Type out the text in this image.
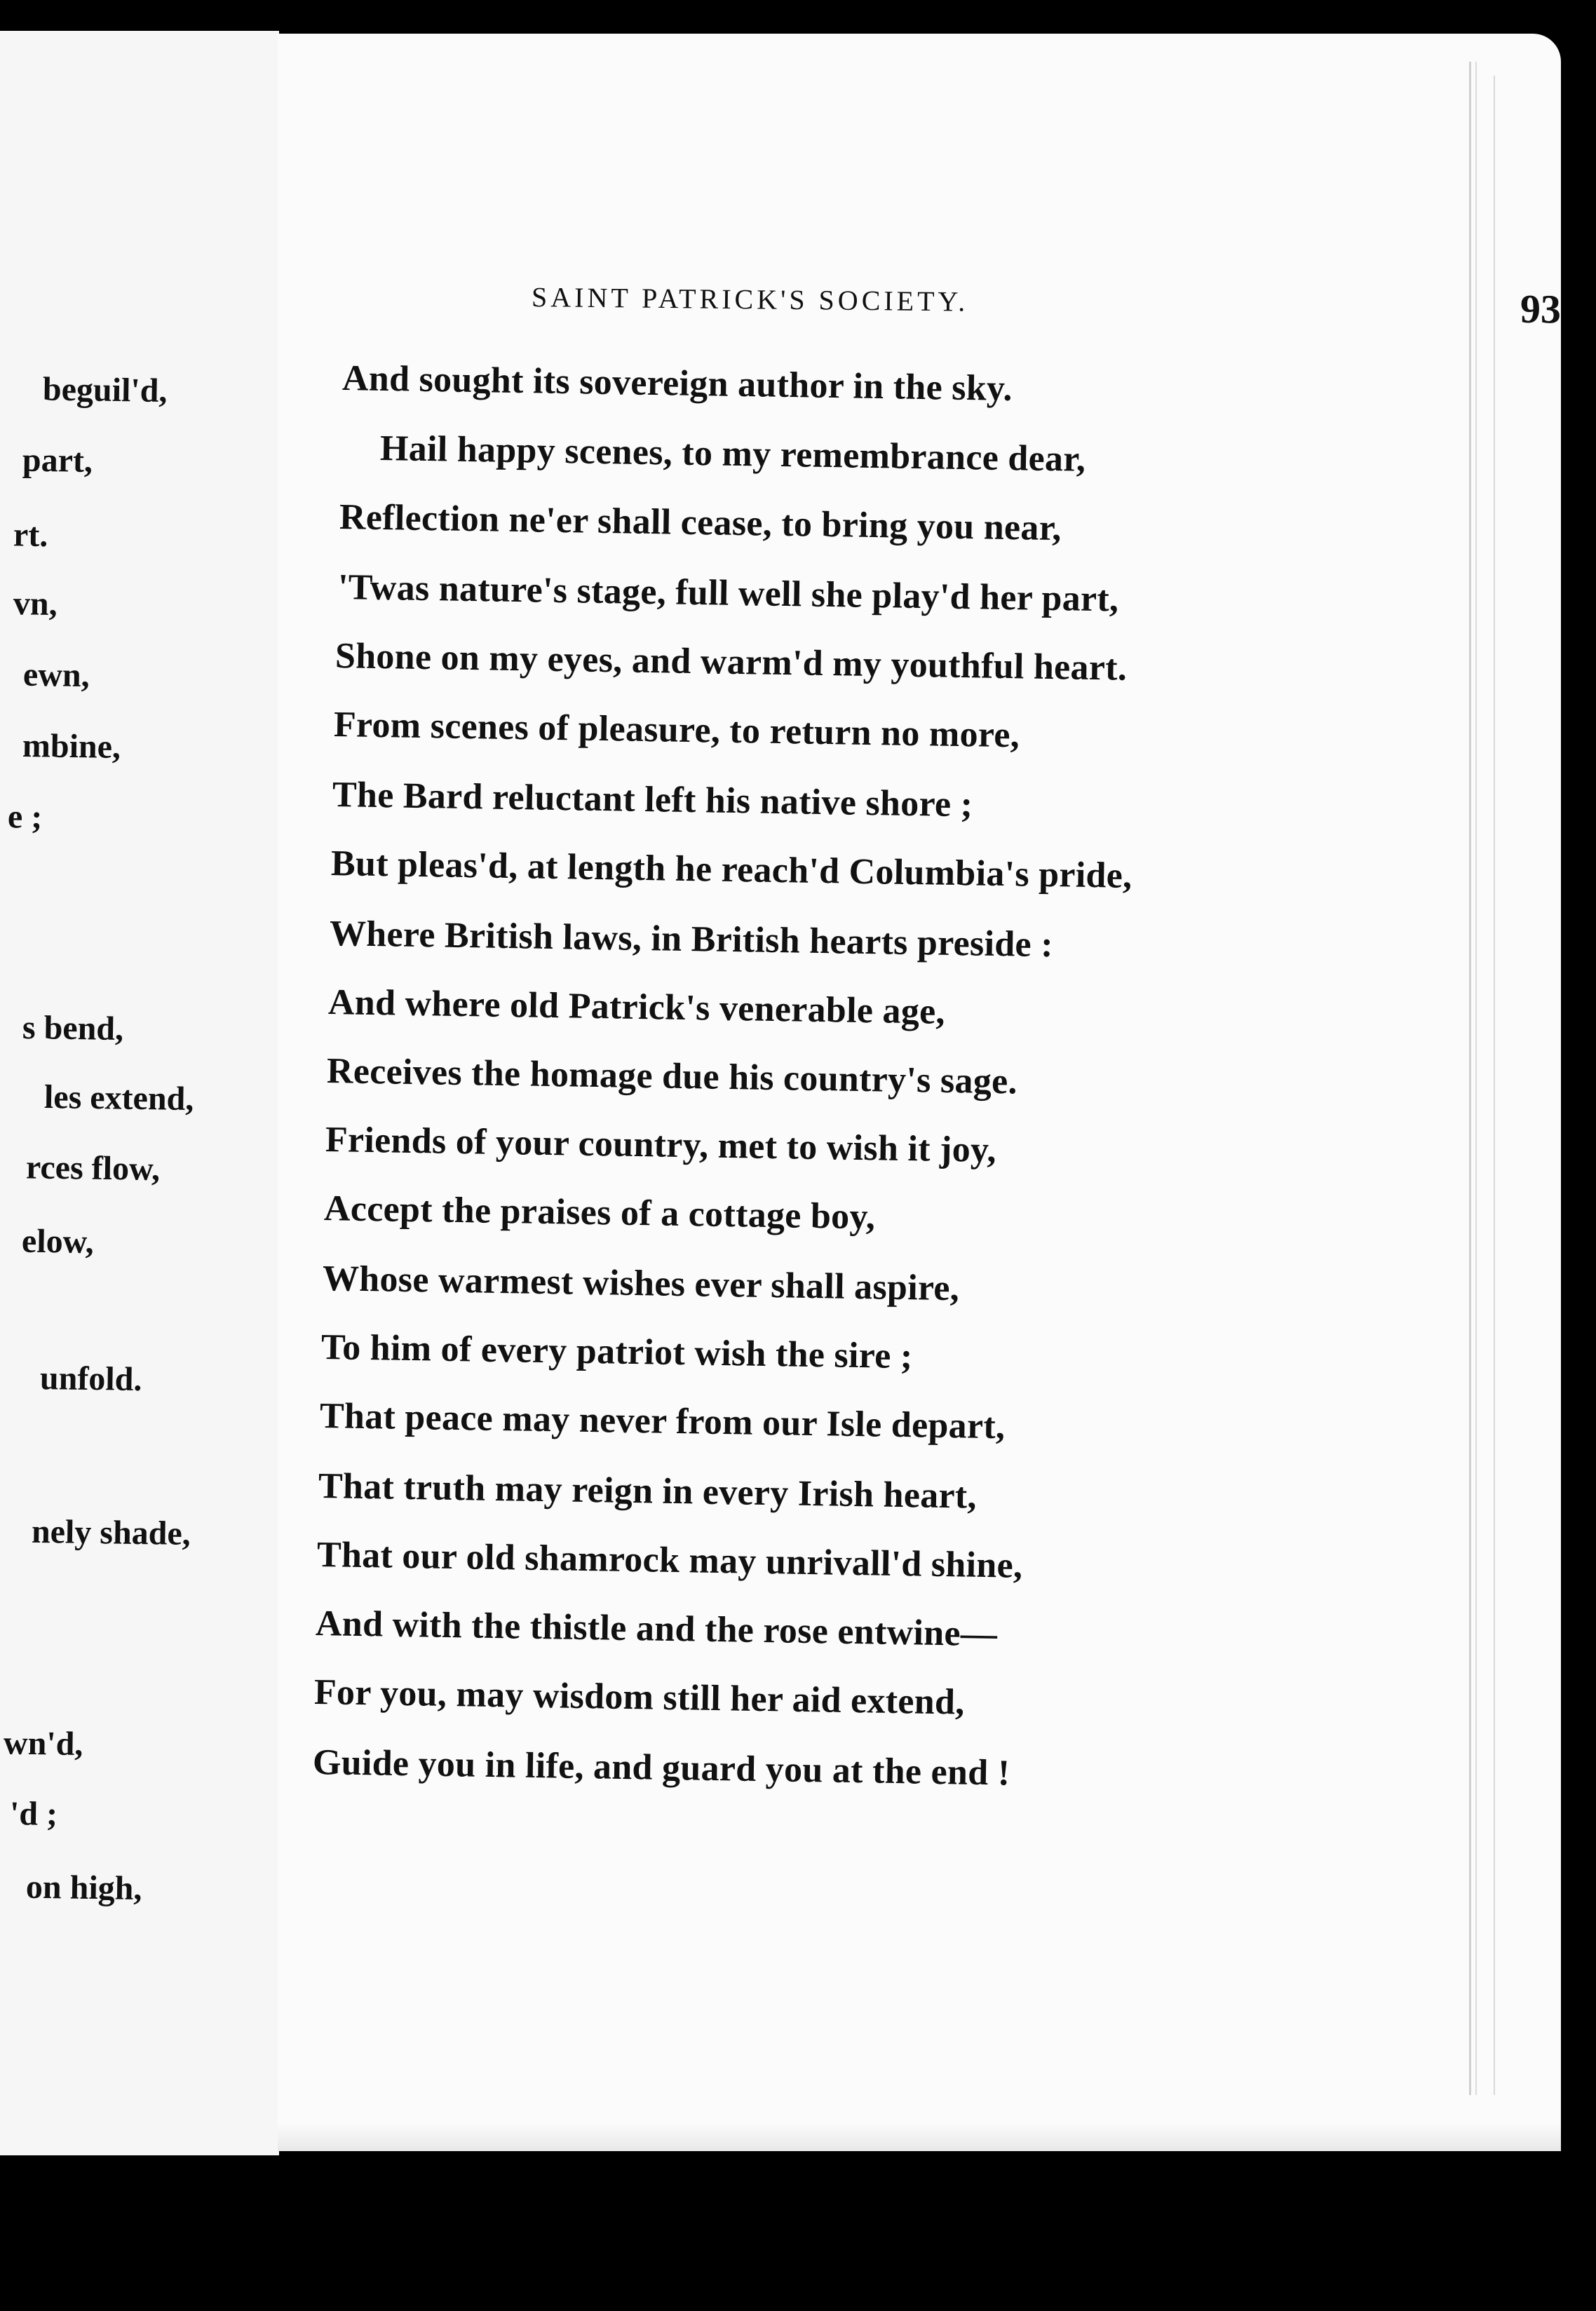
beguil'd,
part,
rt.
vn,
ewn,
mbine,
e ;
s bend,
les extend,
rces flow,
elow,
unfold.
nely shade,
wn'd,
'd ;
on high,
SAINT PATRICK'S SOCIETY.	93
And sought its sovereign author in the sky.
Hail happy scenes, to my remembrance dear,
Reflection ne'er shall cease, to bring you near,
'Twas nature's stage, full well she play'd her part,
Shone on my eyes, and warm'd my youthful heart.
From scenes of pleasure, to return no more,
The Bard reluctant left his native shore ;
But pleas'd, at length he reach'd Columbia's pride,
Where British laws, in British hearts preside :
And where old Patrick's venerable age,
Receives the homage due his country's sage.
Friends of your country, met to wish it joy,
Accept the praises of a cottage boy,
Whose warmest wishes ever shall aspire,
To him of every patriot wish the sire ;
That peace may never from our Isle depart,
That truth may reign in every Irish heart,
That our old shamrock may unrivall'd shine,
And with the thistle and the rose entwine—
For you, may wisdom still her aid extend,
Guide you in life, and guard you at the end !
